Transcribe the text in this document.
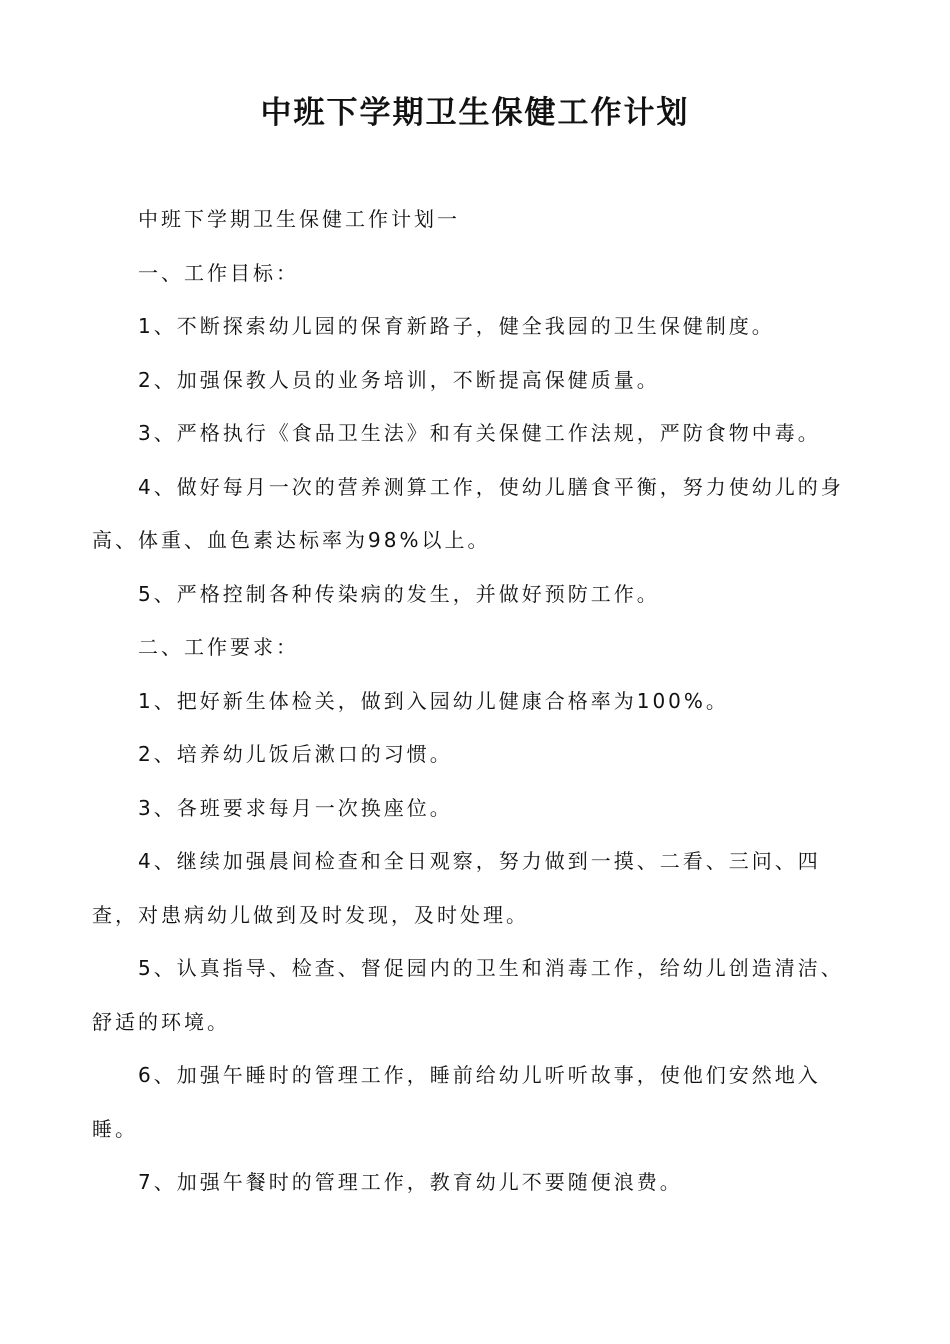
中班下学期卫生保健工作计划

中班下学期卫生保健工作计划一

一、工作目标：

1、不断探索幼儿园的保育新路子，健全我园的卫生保健制度。

2、加强保教人员的业务培训，不断提高保健质量。

3、严格执行《食品卫生法》和有关保健工作法规，严防食物中毒。

4、做好每月一次的营养测算工作，使幼儿膳食平衡，努力使幼儿的身 高、体重、血色素达标率为98%以上。

5、严格控制各种传染病的发生，并做好预防工作。

二、工作要求：

1、把好新生体检关，做到入园幼儿健康合格率为100%。

2、培养幼儿饭后漱口的习惯。

3、各班要求每月一次换座位。

4、继续加强晨间检查和全日观察，努力做到一摸、二看、三问、四查，对患病幼儿做到及时发现，及时处理。

5、认真指导、检查、督促园内的卫生和消毒工作，给幼儿创造清洁、舒适的环境。

6、加强午睡时的管理工作，睡前给幼儿听听故事，使他们安然地入睡。

7、加强午餐时的管理工作，教育幼儿不要随便浪费。
